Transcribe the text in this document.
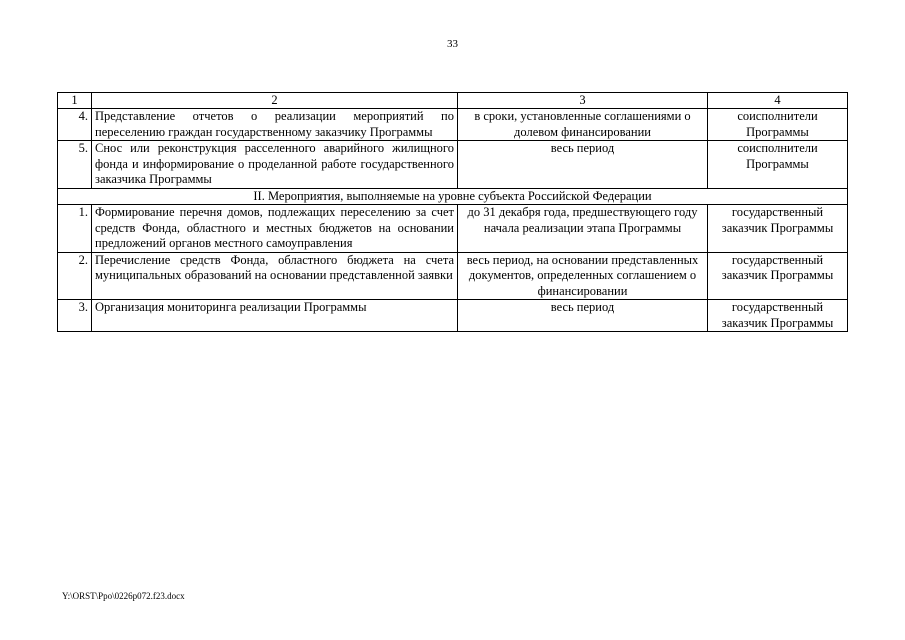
33
1	2	3	4
4.	Представление отчетов о реализации мероприятий по переселению граждан государственному заказчику Программы	в сроки, установленные соглашениями о долевом финансировании	соисполнители Программы
5.	Снос или реконструкция расселенного аварийного жилищного фонда и информирование о проделанной работе государственного заказчика Программы	весь период	соисполнители Программы
II. Мероприятия, выполняемые на уровне субъекта Российской Федерации			
1.	Формирование перечня домов, подлежащих переселению за счет средств Фонда, областного и местных бюджетов на основании предложений органов местного самоуправления	до 31 декабря года, предшествующего году начала реализации этапа Программы	государственный заказчик Программы
2.	Перечисление средств Фонда, областного бюджета на счета муниципальных образований на основании представленной заявки	весь период, на основании представленных документов, определенных соглашением о финансировании	государственный заказчик Программы
3.	Организация мониторинга реализации Программы	весь период	государственный заказчик Программы
Y:\ORST\Ppo\0226p072.f23.docx
